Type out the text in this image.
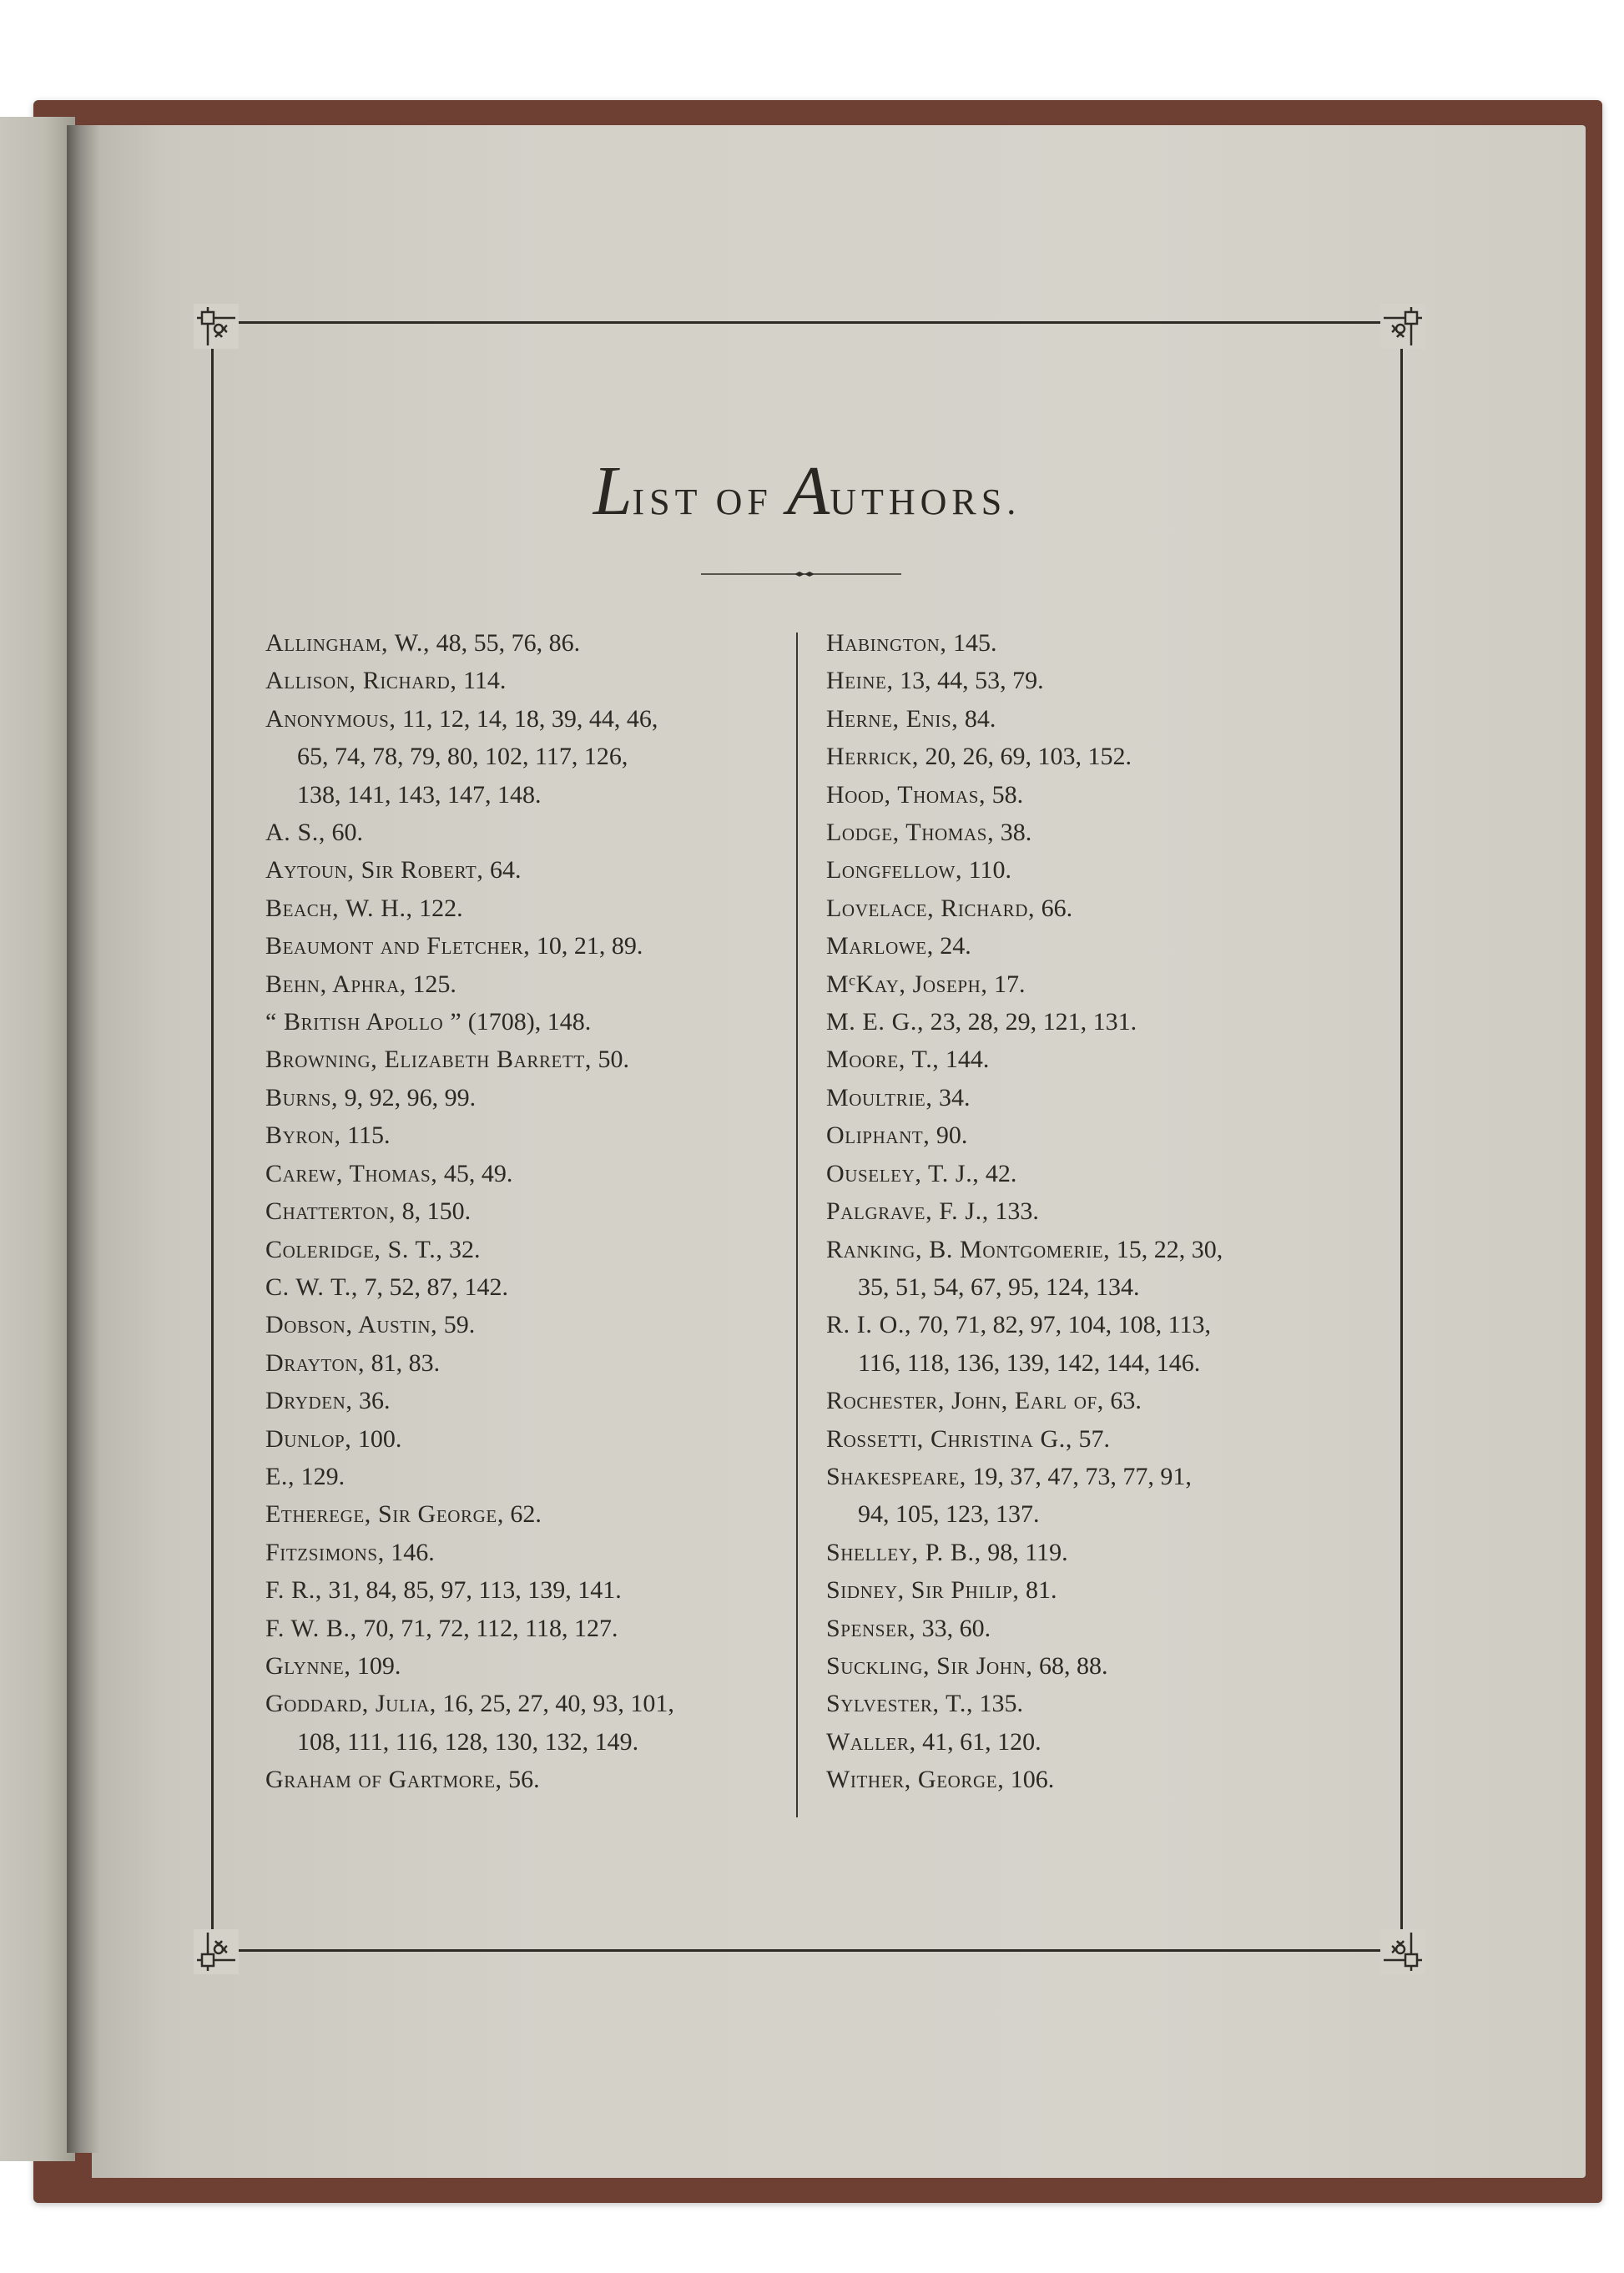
LIST OF AUTHORS.
Allingham, W., 48, 55, 76, 86.
Allison, Richard, 114.
Anonymous, 11, 12, 14, 18, 39, 44, 46,
65, 74, 78, 79, 80, 102, 117, 126,
138, 141, 143, 147, 148.
A. S., 60.
Aytoun, Sir Robert, 64.
Beach, W. H., 122.
Beaumont and Fletcher, 10, 21, 89.
Behn, Aphra, 125.
“ British Apollo ” (1708), 148.
Browning, Elizabeth Barrett, 50.
Burns, 9, 92, 96, 99.
Byron, 115.
Carew, Thomas, 45, 49.
Chatterton, 8, 150.
Coleridge, S. T., 32.
C. W. T., 7, 52, 87, 142.
Dobson, Austin, 59.
Drayton, 81, 83.
Dryden, 36.
Dunlop, 100.
E., 129.
Etherege, Sir George, 62.
Fitzsimons, 146.
F. R., 31, 84, 85, 97, 113, 139, 141.
F. W. B., 70, 71, 72, 112, 118, 127.
Glynne, 109.
Goddard, Julia, 16, 25, 27, 40, 93, 101,
108, 111, 116, 128, 130, 132, 149.
Graham of Gartmore, 56.
Habington, 145.
Heine, 13, 44, 53, 79.
Herne, Enis, 84.
Herrick, 20, 26, 69, 103, 152.
Hood, Thomas, 58.
Lodge, Thomas, 38.
Longfellow, 110.
Lovelace, Richard, 66.
Marlowe, 24.
MᶜKay, Joseph, 17.
M. E. G., 23, 28, 29, 121, 131.
Moore, T., 144.
Moultrie, 34.
Oliphant, 90.
Ouseley, T. J., 42.
Palgrave, F. J., 133.
Ranking, B. Montgomerie, 15, 22, 30,
35, 51, 54, 67, 95, 124, 134.
R. I. O., 70, 71, 82, 97, 104, 108, 113,
116, 118, 136, 139, 142, 144, 146.
Rochester, John, Earl of, 63.
Rossetti, Christina G., 57.
Shakespeare, 19, 37, 47, 73, 77, 91,
94, 105, 123, 137.
Shelley, P. B., 98, 119.
Sidney, Sir Philip, 81.
Spenser, 33, 60.
Suckling, Sir John, 68, 88.
Sylvester, T., 135.
Waller, 41, 61, 120.
Wither, George, 106.
